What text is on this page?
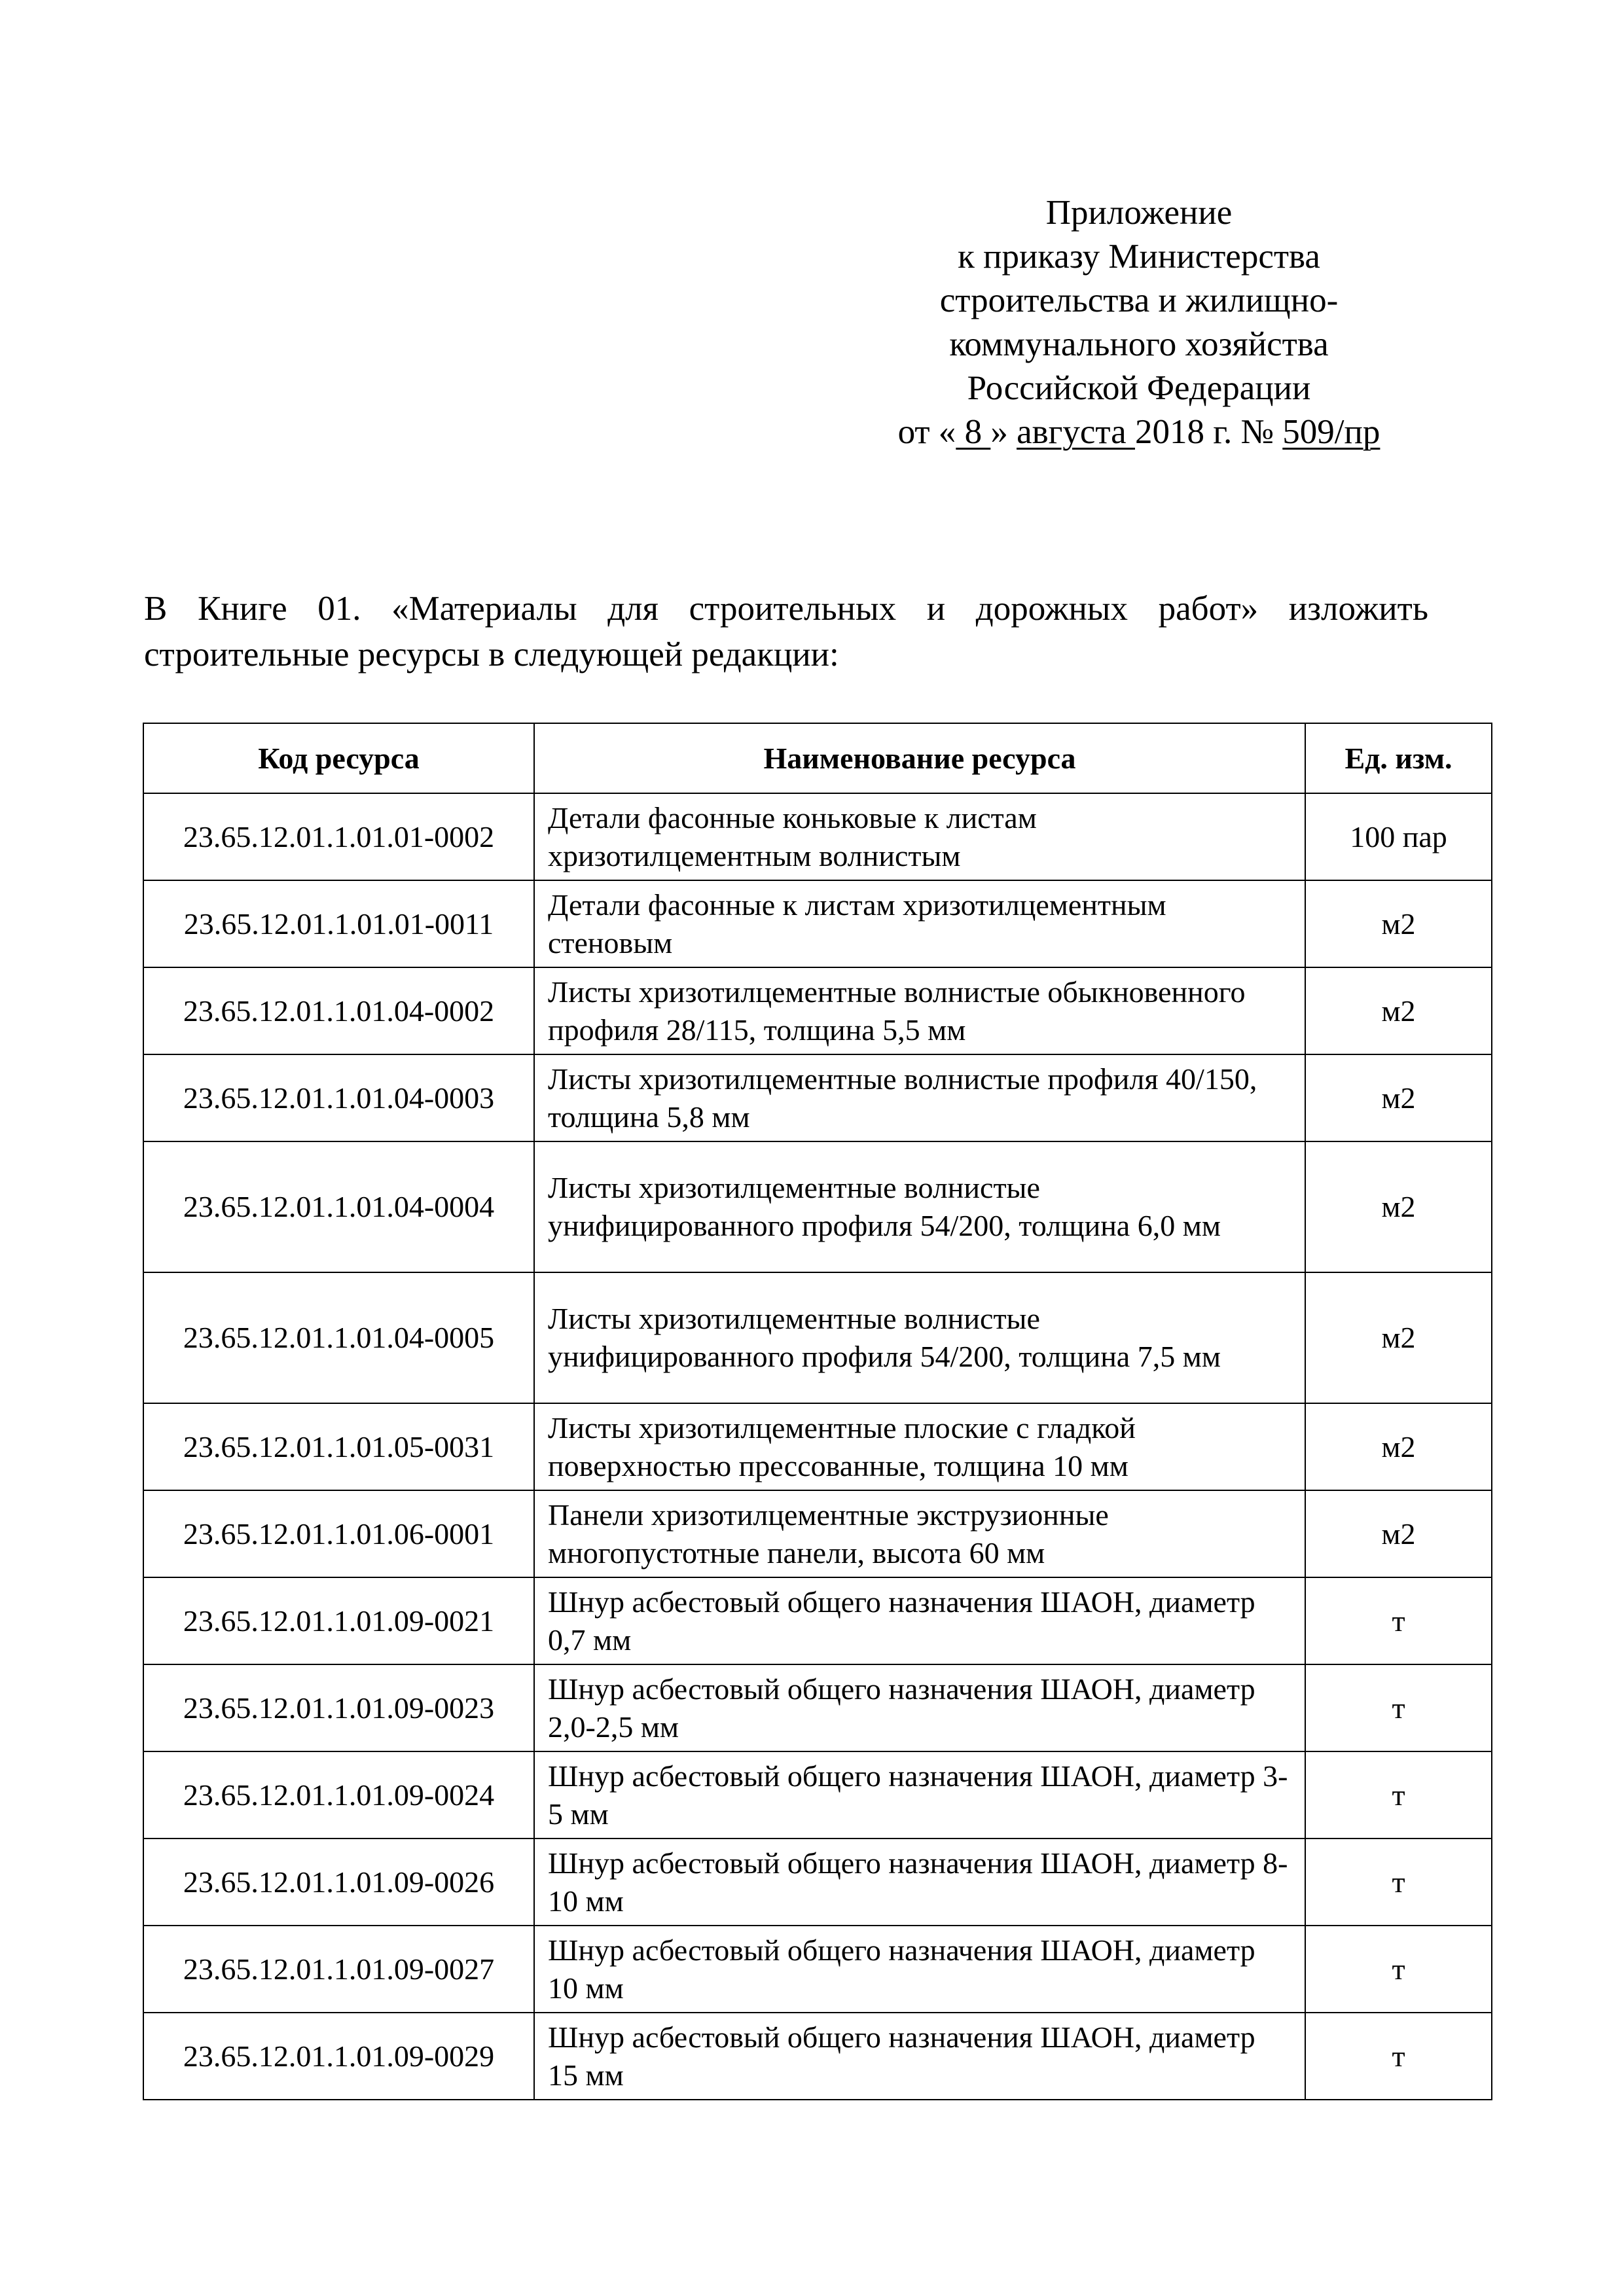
Приложение
к приказу Министерства
строительства и жилищно-
коммунального хозяйства
Российской Федерации
от « 8 » августа 2018 г. № 509/пр
В Книге 01. «Материалы для строительных и дорожных работ» изложить
строительные ресурсы в следующей редакции:
Код ресурса	Наименование ресурса	Ед. изм.
23.65.12.01.1.01.01-0002	Детали фасонные коньковые к листам хризотилцементным волнистым	100 пар
23.65.12.01.1.01.01-0011	Детали фасонные к листам хризотилцементным стеновым	м2
23.65.12.01.1.01.04-0002	Листы хризотилцементные волнистые обыкновенного профиля 28/115, толщина 5,5 мм	м2
23.65.12.01.1.01.04-0003	Листы хризотилцементные волнистые профиля 40/150, толщина 5,8 мм	м2
23.65.12.01.1.01.04-0004	Листы хризотилцементные волнистые унифицированного профиля 54/200, толщина 6,0 мм	м2
23.65.12.01.1.01.04-0005	Листы хризотилцементные волнистые унифицированного профиля 54/200, толщина 7,5 мм	м2
23.65.12.01.1.01.05-0031	Листы хризотилцементные плоские с гладкой поверхностью прессованные, толщина 10 мм	м2
23.65.12.01.1.01.06-0001	Панели хризотилцементные экструзионные многопустотные панели, высота 60 мм	м2
23.65.12.01.1.01.09-0021	Шнур асбестовый общего назначения ШАОН, диаметр 0,7 мм	т
23.65.12.01.1.01.09-0023	Шнур асбестовый общего назначения ШАОН, диаметр 2,0-2,5 мм	т
23.65.12.01.1.01.09-0024	Шнур асбестовый общего назначения ШАОН, диаметр 3-5 мм	т
23.65.12.01.1.01.09-0026	Шнур асбестовый общего назначения ШАОН, диаметр 8-10 мм	т
23.65.12.01.1.01.09-0027	Шнур асбестовый общего назначения ШАОН, диаметр 10 мм	т
23.65.12.01.1.01.09-0029	Шнур асбестовый общего назначения ШАОН, диаметр 15 мм	т
